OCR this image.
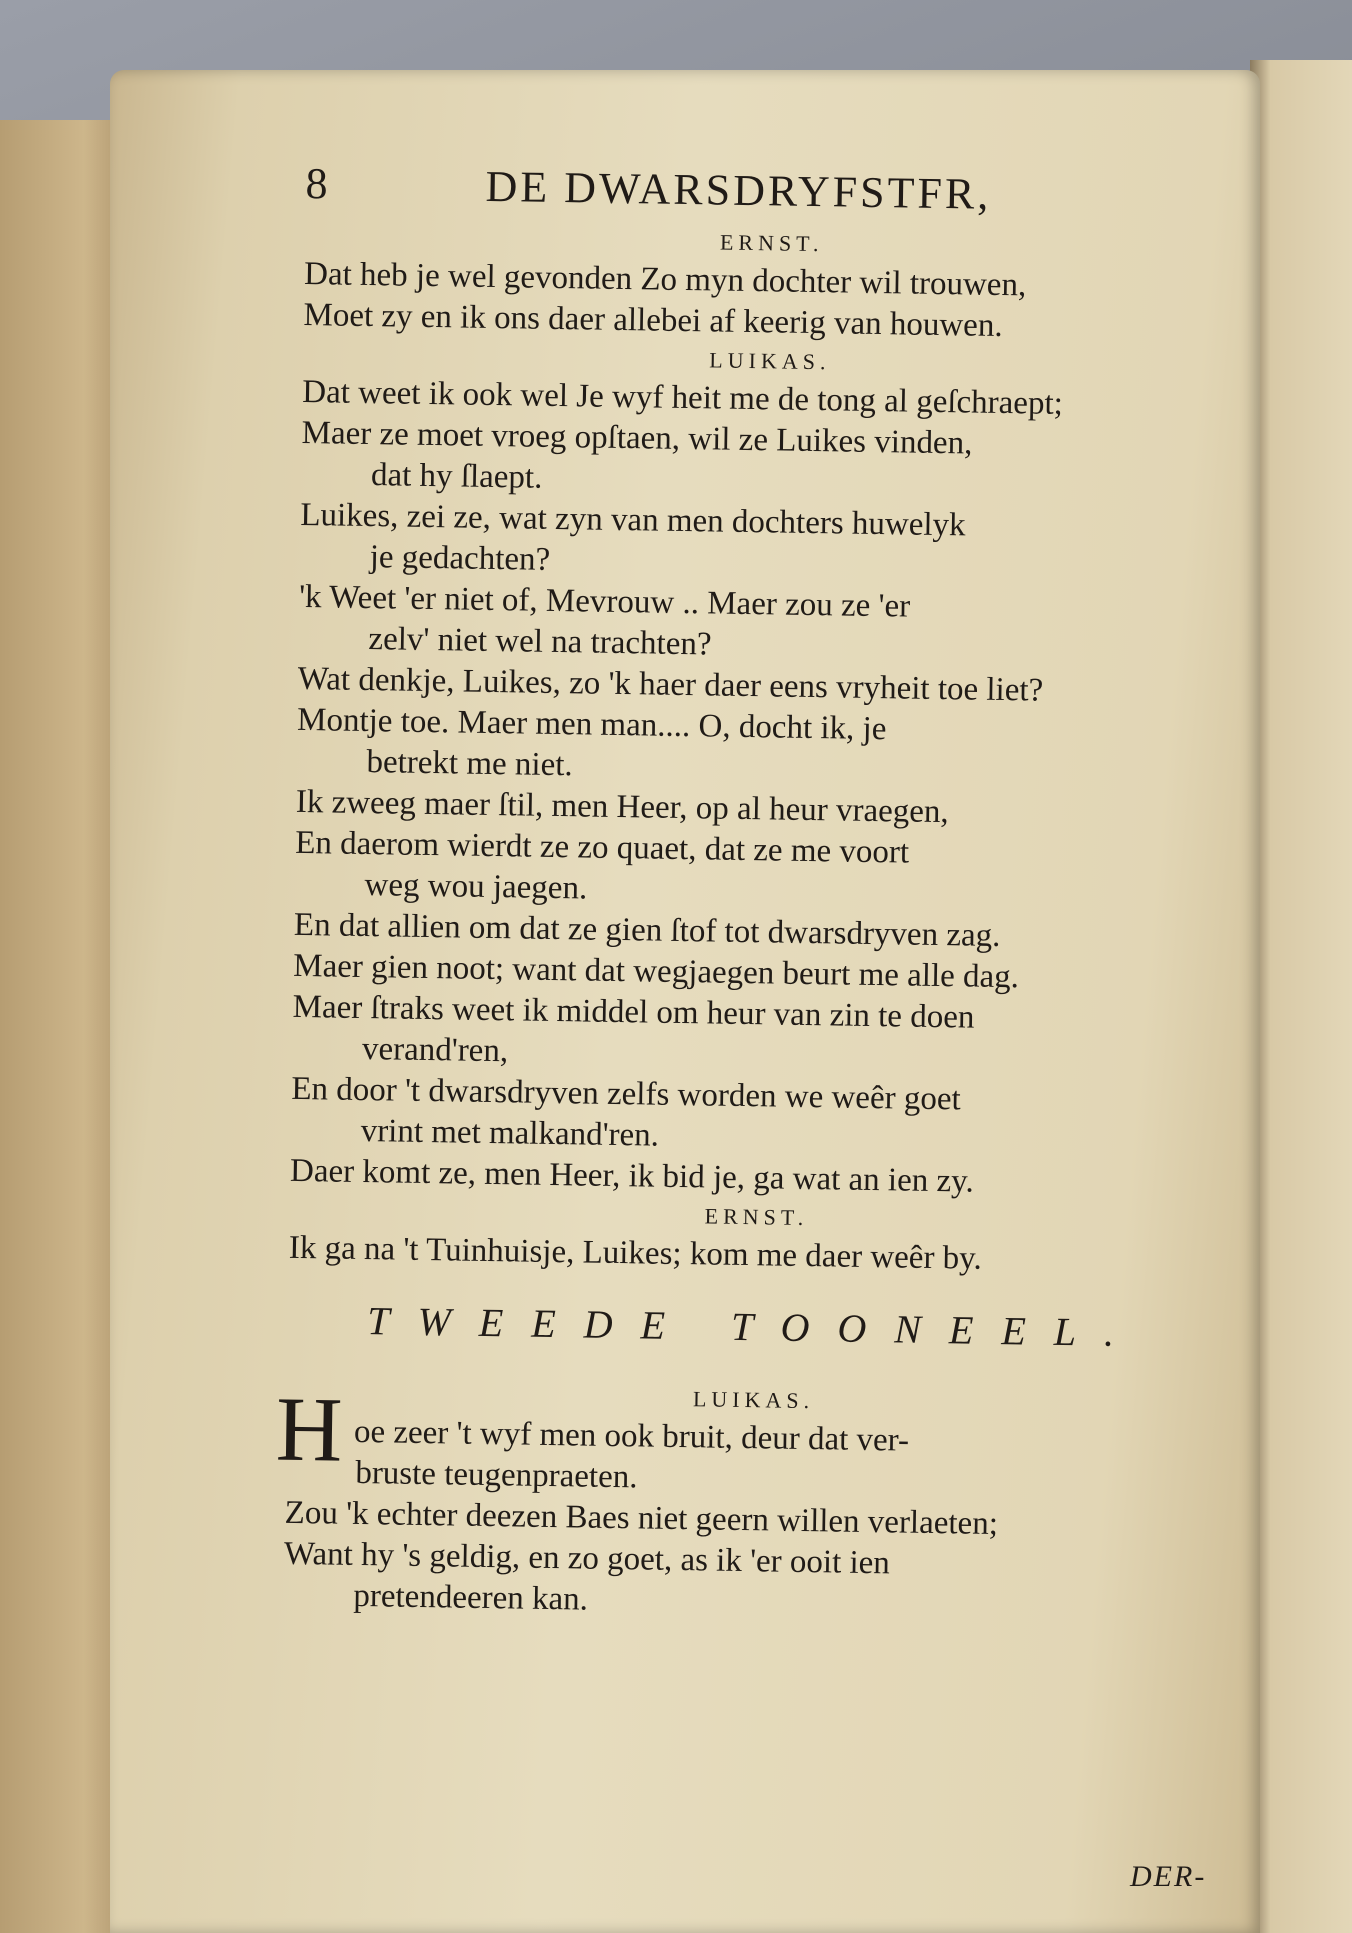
8	DE DWARSDRYFSTFR,
ERNST.
Dat heb je wel gevonden Zo myn dochter wil trouwen,
Moet zy en ik ons daer allebei af keerig van houwen.
LUIKAS.
Dat weet ik ook wel Je wyf heit me de tong al geſchraept;
Maer ze moet vroeg opſtaen, wil ze Luikes vinden,
dat hy ſlaept.
Luikes, zei ze, wat zyn van men dochters huwelyk
je gedachten?
'k Weet 'er niet of, Mevrouw .. Maer zou ze 'er
zelv' niet wel na trachten?
Wat denkje, Luikes, zo 'k haer daer eens vryheit toe liet?
Montje toe. Maer men man.... O, docht ik, je
betrekt me niet.
Ik zweeg maer ſtil, men Heer, op al heur vraegen,
En daerom wierdt ze zo quaet, dat ze me voort
weg wou jaegen.
En dat allien om dat ze gien ſtof tot dwarsdryven zag.
Maer gien noot; want dat wegjaegen beurt me alle dag.
Maer ſtraks weet ik middel om heur van zin te doen
verand'ren,
En door 't dwarsdryven zelfs worden we weêr goet
vrint met malkand'ren.
Daer komt ze, men Heer, ik bid je, ga wat an ien zy.
ERNST.
Ik ga na 't Tuinhuisje, Luikes; kom me daer weêr by.
TWEEDE TOONEEL.
H	LUIKAS.
oe zeer 't wyf men ook bruit, deur dat ver-
bruste teugenpraeten.
Zou 'k echter deezen Baes niet geern willen verlaeten;
Want hy 's geldig, en zo goet, as ik 'er ooit ien
pretendeeren kan.
DER-
